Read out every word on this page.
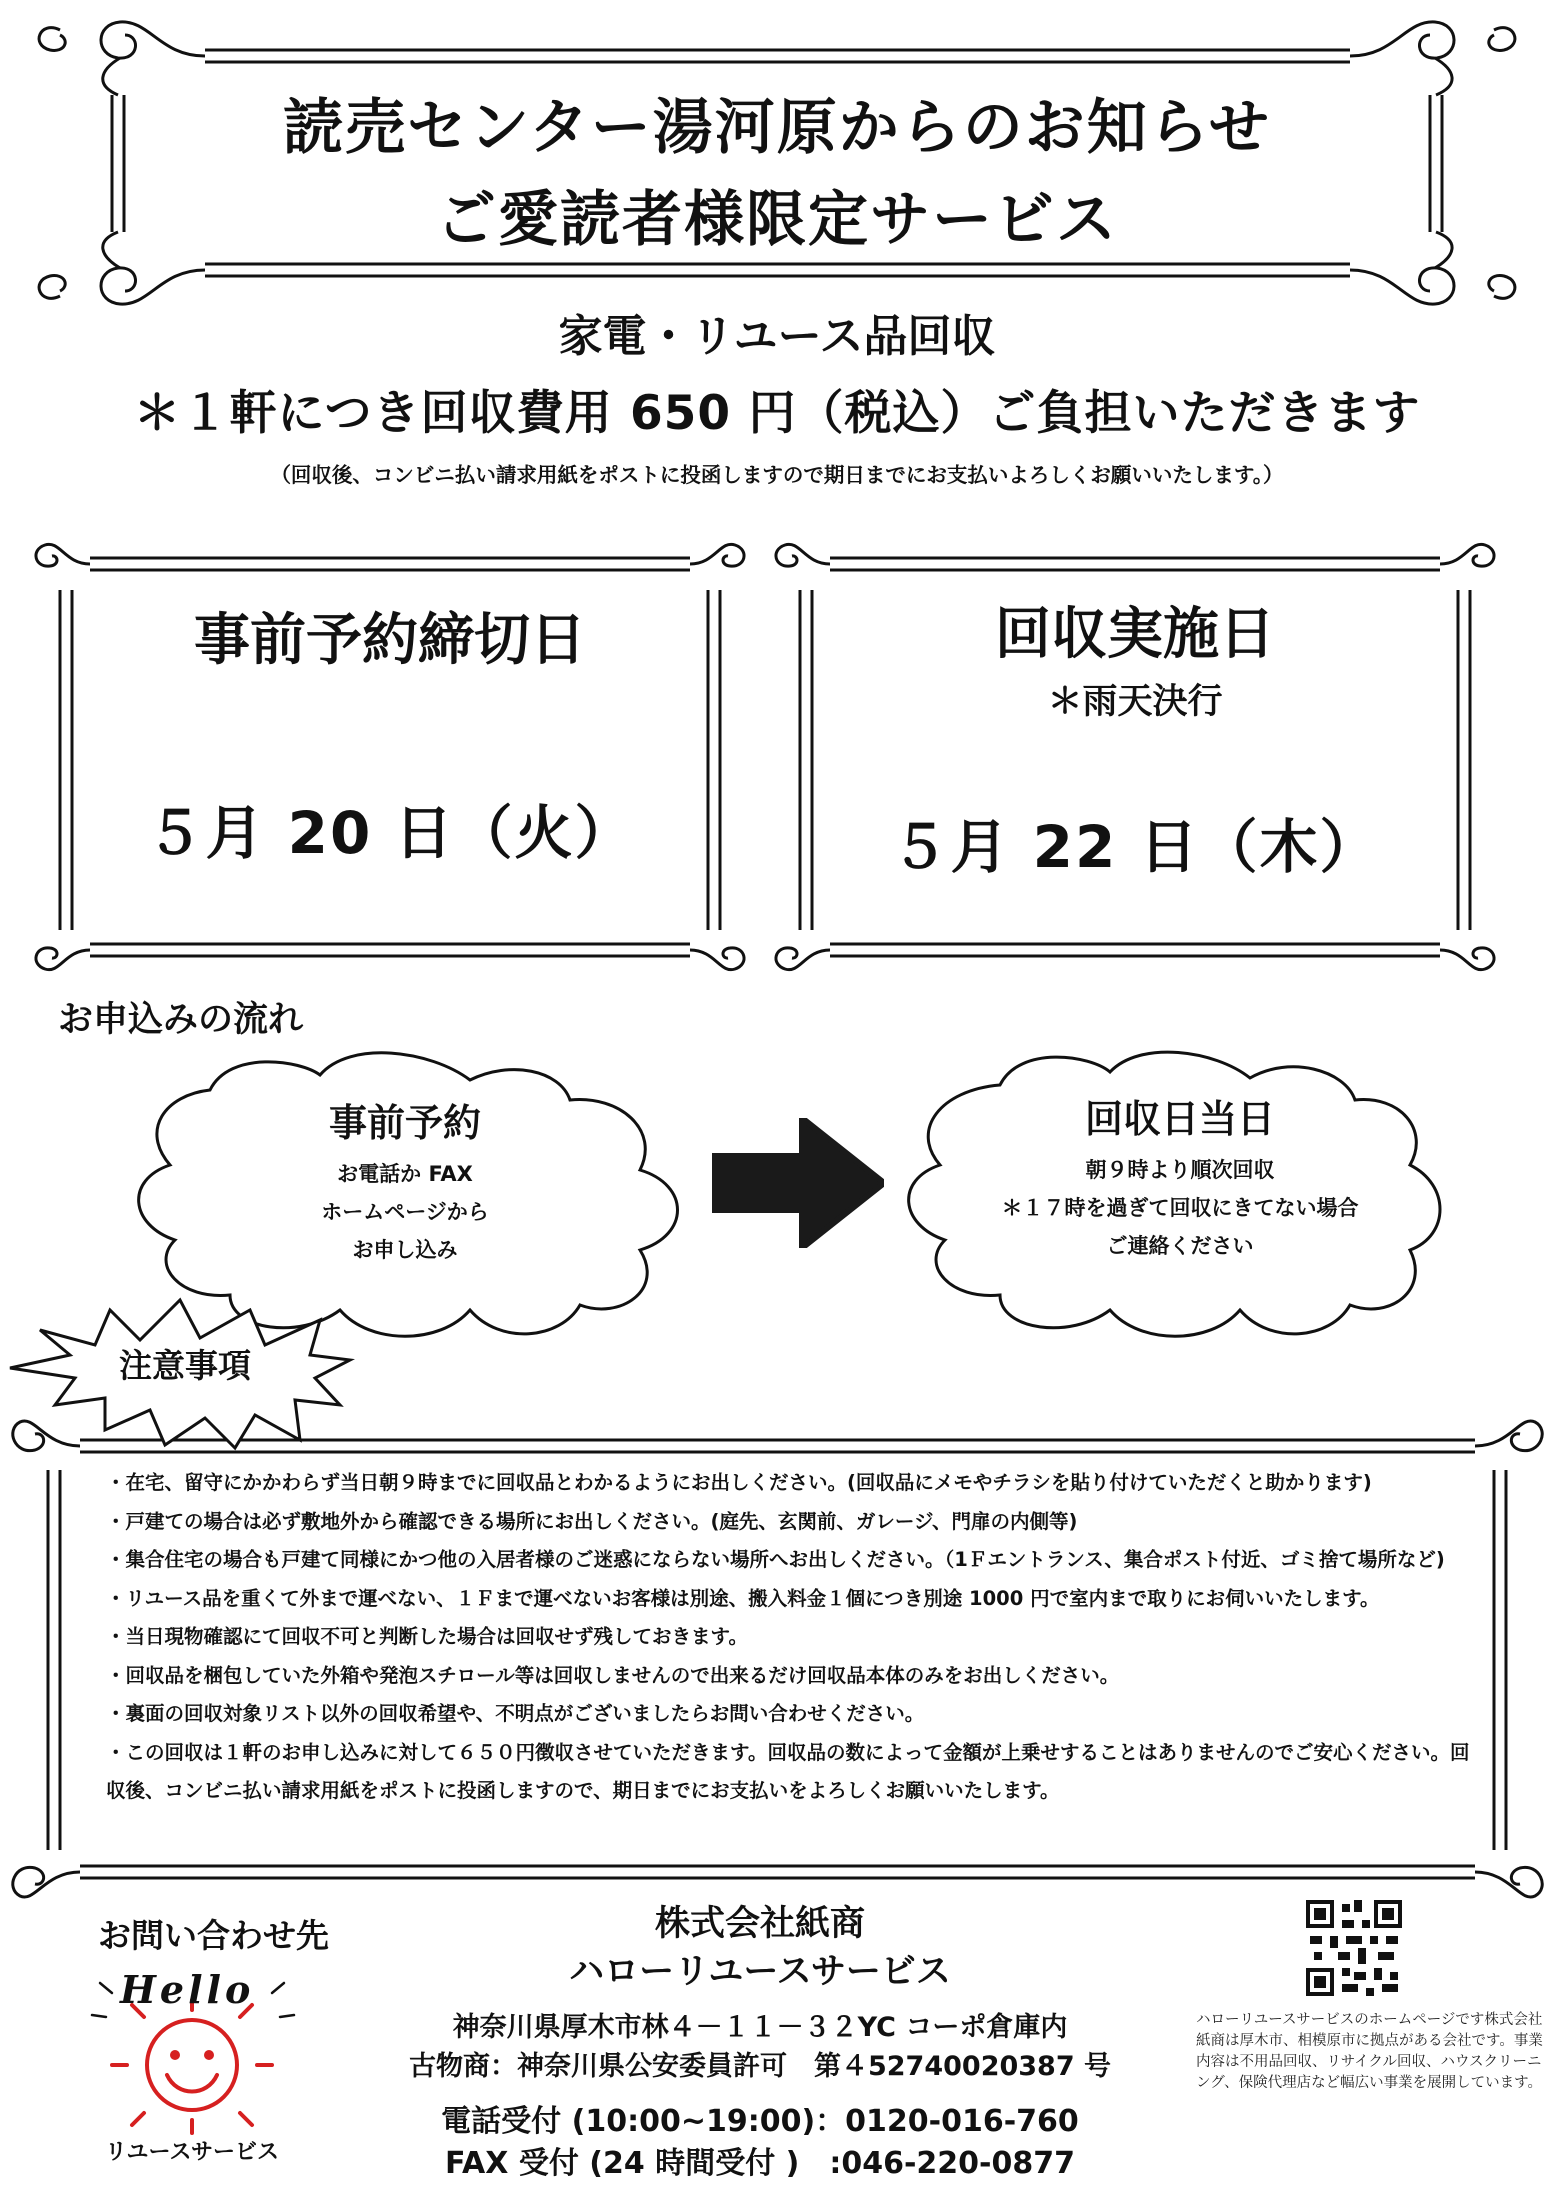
読売センター湯河原からのお知らせ
ご愛読者様限定サービス
家電・リユース品回収
＊１軒につき回収費用 650 円（税込）ご負担いただきます
（回収後、コンビニ払い請求用紙をポストに投函しますので期日までにお支払いよろしくお願いいたします。）
事前予約締切日
５月 20 日（火）
回収実施日
＊雨天決行
５月 22 日（木）
お申込みの流れ
事前予約
お電話か FAX
ホームページから
お申し込み
回収日当日
朝９時より順次回収
＊１７時を過ぎて回収にきてない場合
ご連絡ください
注意事項
・在宅、留守にかかわらず当日朝９時までに回収品とわかるようにお出しください。(回収品にメモやチラシを貼り付けていただくと助かります)
・戸建ての場合は必ず敷地外から確認できる場所にお出しください。(庭先、玄関前、ガレージ、門扉の内側等)
・集合住宅の場合も戸建て同様にかつ他の入居者様のご迷惑にならない場所へお出しください。（1Ｆエントランス、集合ポスト付近、ゴミ捨て場所など)
・リユース品を重くて外まで運べない、１Ｆまで運べないお客様は別途、搬入料金１個につき別途 1000 円で室内まで取りにお伺いいたします。
・当日現物確認にて回収不可と判断した場合は回収せず残しておきます。
・回収品を梱包していた外箱や発泡スチロール等は回収しませんので出来るだけ回収品本体のみをお出しください。
・裏面の回収対象リスト以外の回収希望や、不明点がございましたらお問い合わせください。
・この回収は１軒のお申し込みに対して６５０円徴収させていただきます。回収品の数によって金額が上乗せすることはありませんのでご安心ください。回収後、コンビニ払い請求用紙をポストに投函しますので、期日までにお支払いをよろしくお願いいたします。
お問い合わせ先
Hello
リユースサービス
株式会社紙商
ハローリユースサービス
神奈川県厚木市林４－１１－３２YC コーポ倉庫内
古物商：神奈川県公安委員許可　第４52740020387 号
電話受付 (10:00~19:00)：0120-016-760
FAX 受付 (24 時間受付 )　:046-220-0877
ハローリユースサービスのホームページです株式会社紙商は厚木市、相模原市に拠点がある会社です。事業内容は不用品回収、リサイクル回収、ハウスクリーニング、保険代理店など幅広い事業を展開しています。
